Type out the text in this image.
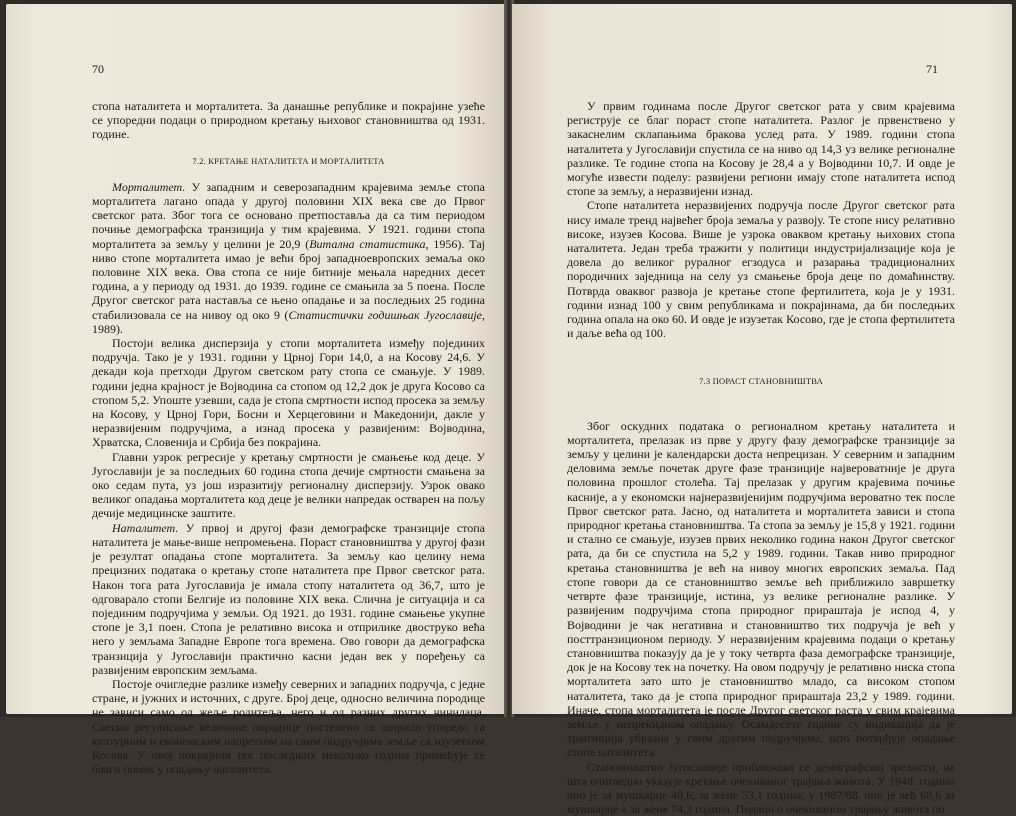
70

стопа наталитета и морталитета. За данашње републике и покрајине узеће се упоредни подаци о природном кретању њиховог становништва од 1931. године.

7.2. КРЕТАЊЕ НАТАЛИТЕТА И МОРТАЛИТЕТА

Морталитет. У западним и северозападним крајевима земље стопа морталитета лагано опада у другој половини XIX века све до Првог светског рата. Због тога се основано претпоставља да са тим периодом почиње демографска транзиција у тим крајевима. У 1921. години стопа морталитета за земљу у целини је 20,9 (Витална статистика, 1956). Тај ниво стопе морталитета имао је већи број западноевропских земаља око половине XIX века. Ова стопа се није битније мењала наредних десет година, а у периоду од 1931. до 1939. године се смањила за 5 поена. После Другог светског рата наставља се њено опадање и за последњих 25 година стабилизовала се на нивоу од око 9 (Статистички годишњак Југославије, 1989).

Постоји велика дисперзија у стопи морталитета између појединих подручја. Тако је у 1931. години у Црној Гори 14,0, а на Косову 24,6. У декади која претходи Другом светском рату стопа се смањује. У 1989. години једна крајност је Војводина са стопом од 12,2 док је друга Косово са стопом 5,2. Упоште узевши, сада је стопа смртности испод просека за земљу на Косову, у Црној Гори, Босни и Херцеговини и Македонији, дакле у неразвијеним подручјима, а изнад просека у развијеним: Војводина, Хрватска, Словенија и Србија без покрајина.

Главни узрок регресије у кретању смртности је смањење код деце. У Југославији је за последњих 60 година стопа дечије смртности смањена за око седам пута, уз још изразитију регионалну дисперзију. Узрок овако великог опадања морталитета код деце је велики напредак остварен на пољу дечије медицинске заштите.

Наталитет. У првој и другој фази демографске транзиције стопа наталитета је мање-више непромењена. Пораст становништва у другој фази је резултат опадања стопе морталитета. За земљу као целину нема прецизних података о кретању стопе наталитета пре Првог светског рата. Након тога рата Југославија је имала стопу наталитета од 36,7, што је одговарало стопи Белгије из половине XIX века. Слична је ситуација и са појединим подручјима у земљи. Од 1921. до 1931. године смањење укупне стопе је 3,1 поен. Стопа је релативно висока и отприлике двоструко већа него у земљама Западне Европе тога времена. Ово говори да демографска транзиција у Југославији практично касни један век у поређењу са развијеним европским земљама.

Постоје очигледне разлике између северних и западних подручја, с једне стране, и јужних и источних, с друге. Број деце, односно величина породице не зависи само од жеље родитеља, него и од разних других чинилаца. Свесно регулисање величине породице постепено се ширило упоредо са културним и економским напретком на свим подручјима земље са изузетком Косова. У овој покрајини тек последњих неколико година примећује се благи помак у опадању наталитета.

71

У првим годинама после Другог светског рата у свим крајевима региструје се благ пораст стопе наталитета. Разлог је првенствено у закаснелим склапањима бракова услед рата. У 1989. години стопа наталитета у Југославији спустила се на ниво од 14,3 уз велике регионалне разлике. Те године стопа на Косову је 28,4 а у Војводини 10,7. И овде је могуће извести поделу: развијени региони имају стопе наталитета испод стопе за земљу, а неразвијени изнад.

Стопе наталитета неразвијених подручја после Другог светског рата нису имале тренд највећег броја земаља у развоју. Те стопе нису релативно високе, изузев Косова. Више је узрока оваквом кретању њихових стопа наталитета. Један треба тражити у политици индустријализације која је довела до великог руралног егзодуса и разарања традиционалних породичних заједница на селу уз смањење броја деце по домаћинству. Потврда оваквог развоја је кретање стопе фертилитета, која је у 1931. години изнад 100 у свим републикама и покрајинама, да би последњих година опала на око 60. И овде је изузетак Косово, где је стопа фертилитета и даље већа од 100.

7.3 ПОРАСТ СТАНОВНИШТВА

Због оскудних података о регионалном кретању наталитета и морталитета, прелазак из прве у другу фазу демографске транзиције за земљу у целини је календарски доста непрецизан. У северним и западним деловима земље почетак друге фазе транзиције највероватније је друга половина прошлог столећа. Тај прелазак у другим крајевима почиње касније, а у економски најнеразвијенијим подручјима вероватно тек после Првог светског рата. Јасно, од наталитета и морталитета зависи и стопа природног кретања становништва. Та стопа за земљу је 15,8 у 1921. години и стално се смањује, изузев првих неколико година након Другог светског рата, да би се спустила на 5,2 у 1989. години. Такав ниво природног кретања становништва је већ на нивоу многих европских земаља. Пад стопе говори да се становништво земље већ приближило завршетку четврте фазе транзиције, истина, уз велике регионалне разлике. У развијеним подручјима стопа природног прираштаја је испод 4, у Војводини је чак негативна и становништво тих подручја је већ у посттранзиционом периоду. У неразвијеним крајевима подаци о кретању становништва показују да је у току четврта фаза демографске транзиције, док је на Косову тек на почетку. На овом подручју је релативно ниска стопа морталитета зато што је становништво младо, са високом стопом наталитета, тако да је стопа природног прираштаја 23,2 у 1989. години. Иначе, стопа морталитета је после Другог светског раста у свим крајевима земље у непрекидном опадању. Осамдесете године су индикација да је транзиција убрзана у свим другим подручјима, што потврђује опадање стопе наталитета.

Становништво Југославије приближава се демографској зрелости, на шта очигледно указује кретање очекиваног трајања живота. У 1948. години оно је за мушкарце 48,6, за жене 53,1 година; у 1987/88. оно је већ 68,6 за мушкарце а за жене 74,3 година. Подаци о очекиваном трајању живота по
